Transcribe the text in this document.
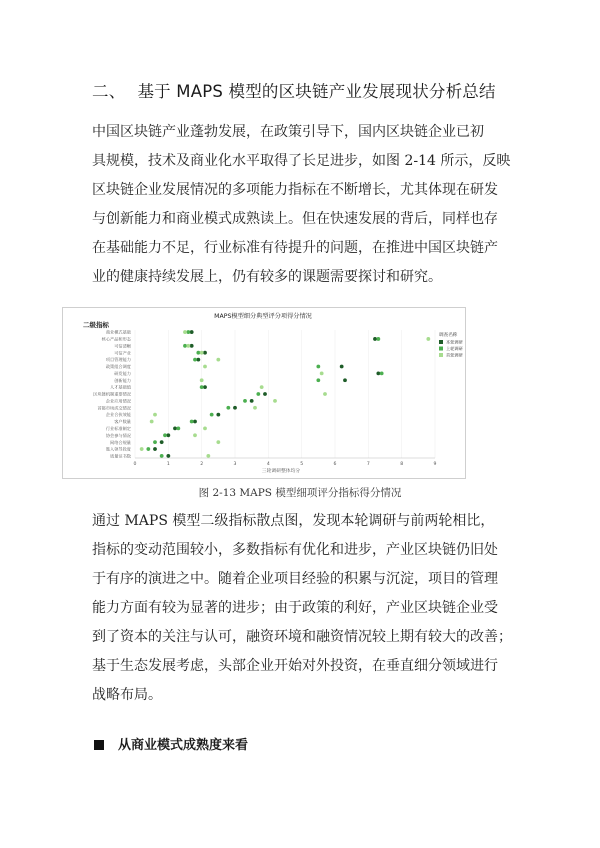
二、 基于 MAPS 模型的区块链产业发展现状分析总结

中国区块链产业蓬勃发展，在政策引导下，国内区块链企业已初
具规模，技术及商业化水平取得了长足进步，如图 2-14 所示，反映
区块链企业发展情况的多项能力指标在不断增长，尤其体现在研发
与创新能力和商业模式成熟读上。但在快速发展的背后，同样也存
在基础能力不足，行业标准有待提升的问题，在推进中国区块链产
业的健康持续发展上，仍有较多的课题需要探讨和研究。

MAPS模型细分典型评分项得分情况
二级指标
商业模式基础
核心产品和形态
可信清晰
可信产业
项目管理能力
政策组合调度
研发能力
创新能力
人才基础值
区块链机制重要情况
企业应用情况
首都市场成交情况
企业合伙效能
客户数量
行业标准制定
协会参与情况
网络合规量
進入领导段度
质量证书数
0	1	2	3	4	5	6	7	8	9
三轮调研整体均分
调查名称
本轮调研
上轮调研
首轮调研
图 2-13 MAPS 模型细项评分指标得分情况

通过 MAPS 模型二级指标散点图，发现本轮调研与前两轮相比，
指标的变动范围较小，多数指标有优化和进步，产业区块链仍旧处
于有序的演进之中。随着企业项目经验的积累与沉淀，项目的管理
能力方面有较为显著的进步；由于政策的利好，产业区块链企业受
到了资本的关注与认可，融资环境和融资情况较上期有较大的改善；
基于生态发展考虑，头部企业开始对外投资，在垂直细分领域进行
战略布局。

从商业模式成熟度来看
